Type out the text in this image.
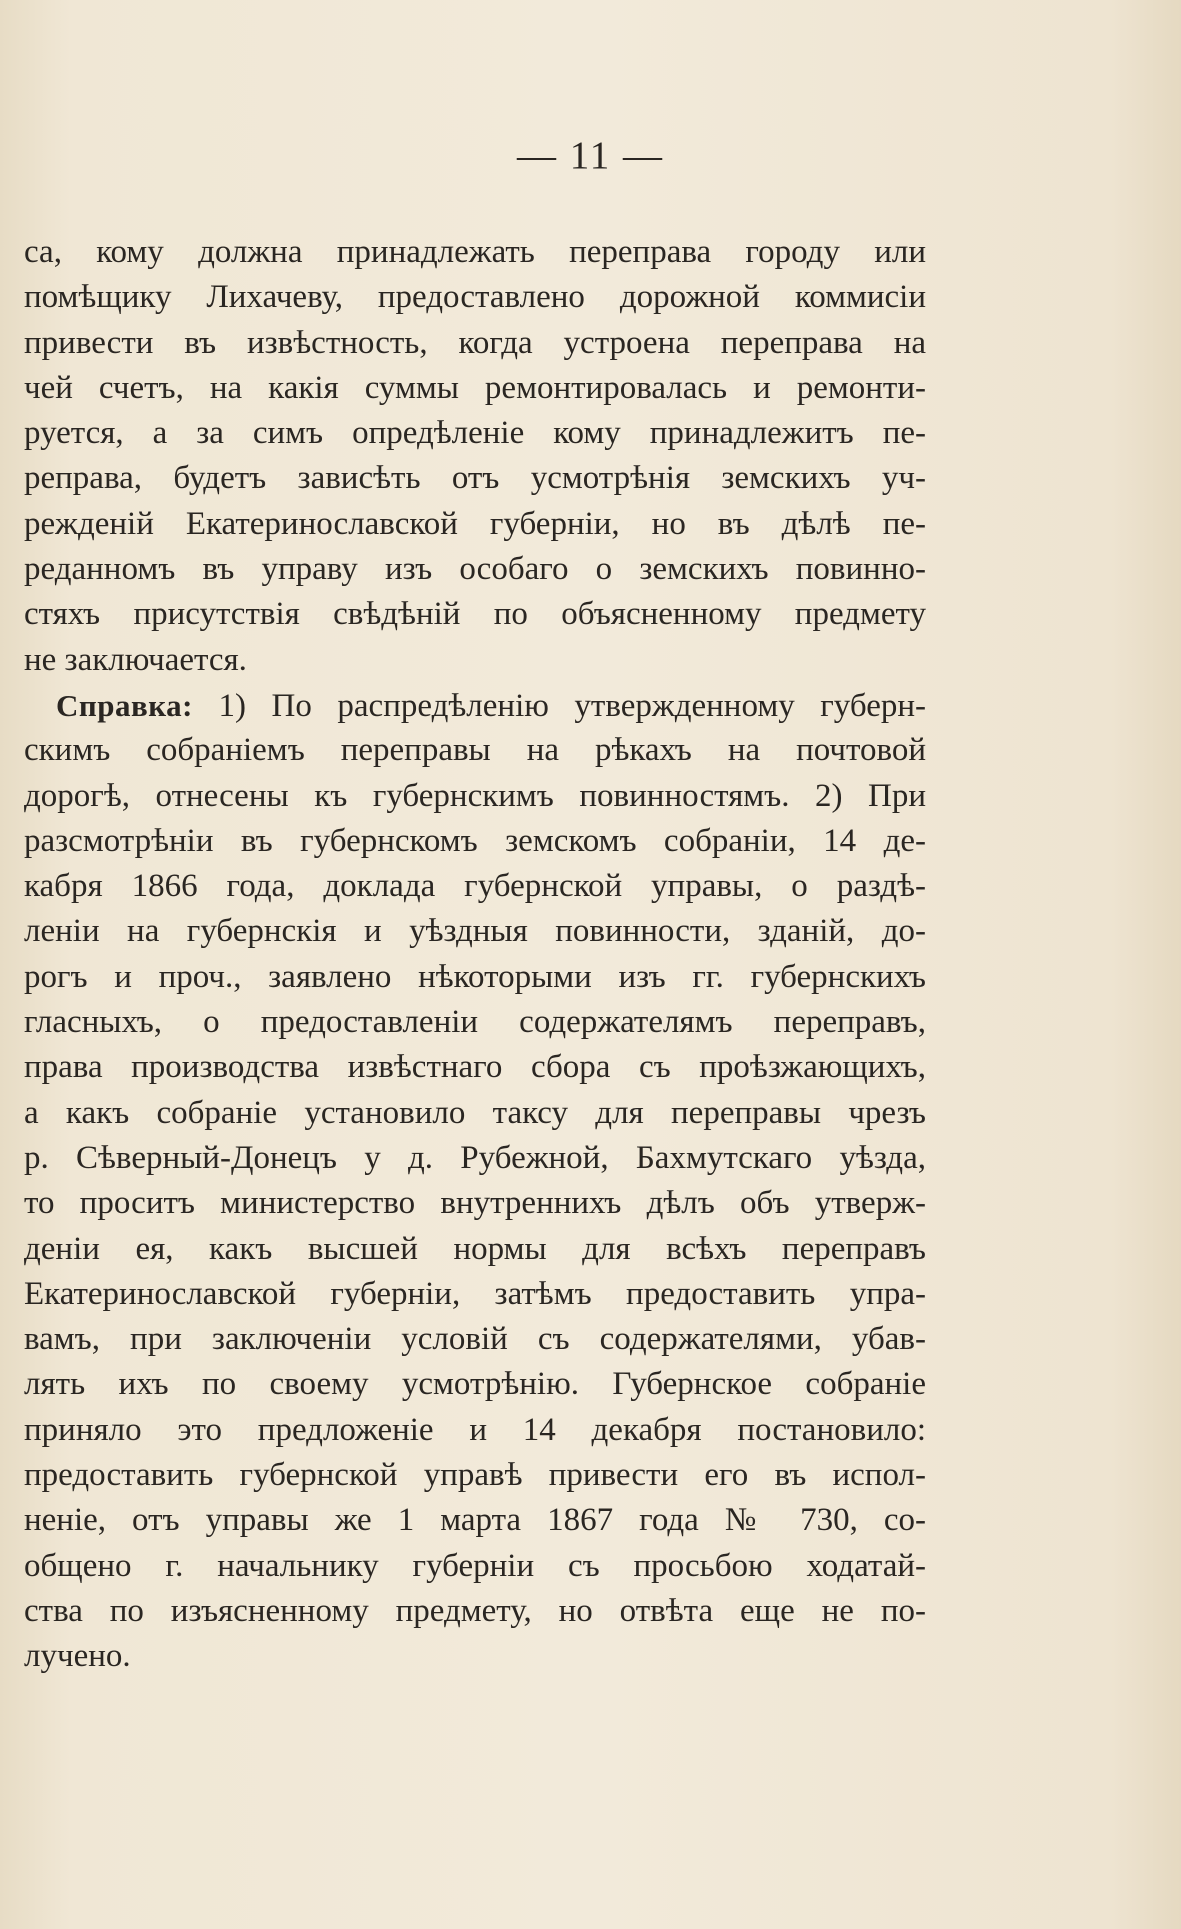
— 11 —
са, кому должна принадлежать переправа городу или
помѣщику Лихачеву, предоставлено дорожной коммисіи
привести въ извѣстность, когда устроена переправа на
чей счетъ, на какія суммы ремонтировалась и ремонти-
руется, а за симъ опредѣленіе кому принадлежитъ пе-
реправа, будетъ зависѣть отъ усмотрѣнія земскихъ уч-
режденій Екатеринославской губерніи, но въ дѣлѣ пе-
реданномъ въ управу изъ особаго о земскихъ повинно-
стяхъ присутствія свѣдѣній по объясненному предмету
не заключается.
Справка: 1) По распредѣленію утвержденному губерн-
скимъ собраніемъ переправы на рѣкахъ на почтовой
дорогѣ, отнесены къ губернскимъ повинностямъ. 2) При
разсмотрѣніи въ губернскомъ земскомъ собраніи, 14 де-
кабря 1866 года, доклада губернской управы, о раздѣ-
леніи на губернскія и уѣздныя повинности, зданій, до-
рогъ и проч., заявлено нѣкоторыми изъ гг. губернскихъ
гласныхъ, о предоставленіи содержателямъ переправъ,
права производства извѣстнаго сбора съ проѣзжающихъ,
а какъ собраніе установило таксу для переправы чрезъ
р. Сѣверный-Донецъ у д. Рубежной, Бахмутскаго уѣзда,
то проситъ министерство внутреннихъ дѣлъ объ утверж-
деніи ея, какъ высшей нормы для всѣхъ переправъ
Екатеринославской губерніи, затѣмъ предоставить упра-
вамъ, при заключеніи условій съ содержателями, убав-
лять ихъ по своему усмотрѣнію. Губернское собраніе
приняло это предложеніе и 14 декабря постановило:
предоставить губернской управѣ привести его въ испол-
неніе, отъ управы же 1 марта 1867 года № 730, со-
общено г. начальнику губерніи съ просьбою ходатай-
ства по изъясненному предмету, но отвѣта еще не по-
лучено.
